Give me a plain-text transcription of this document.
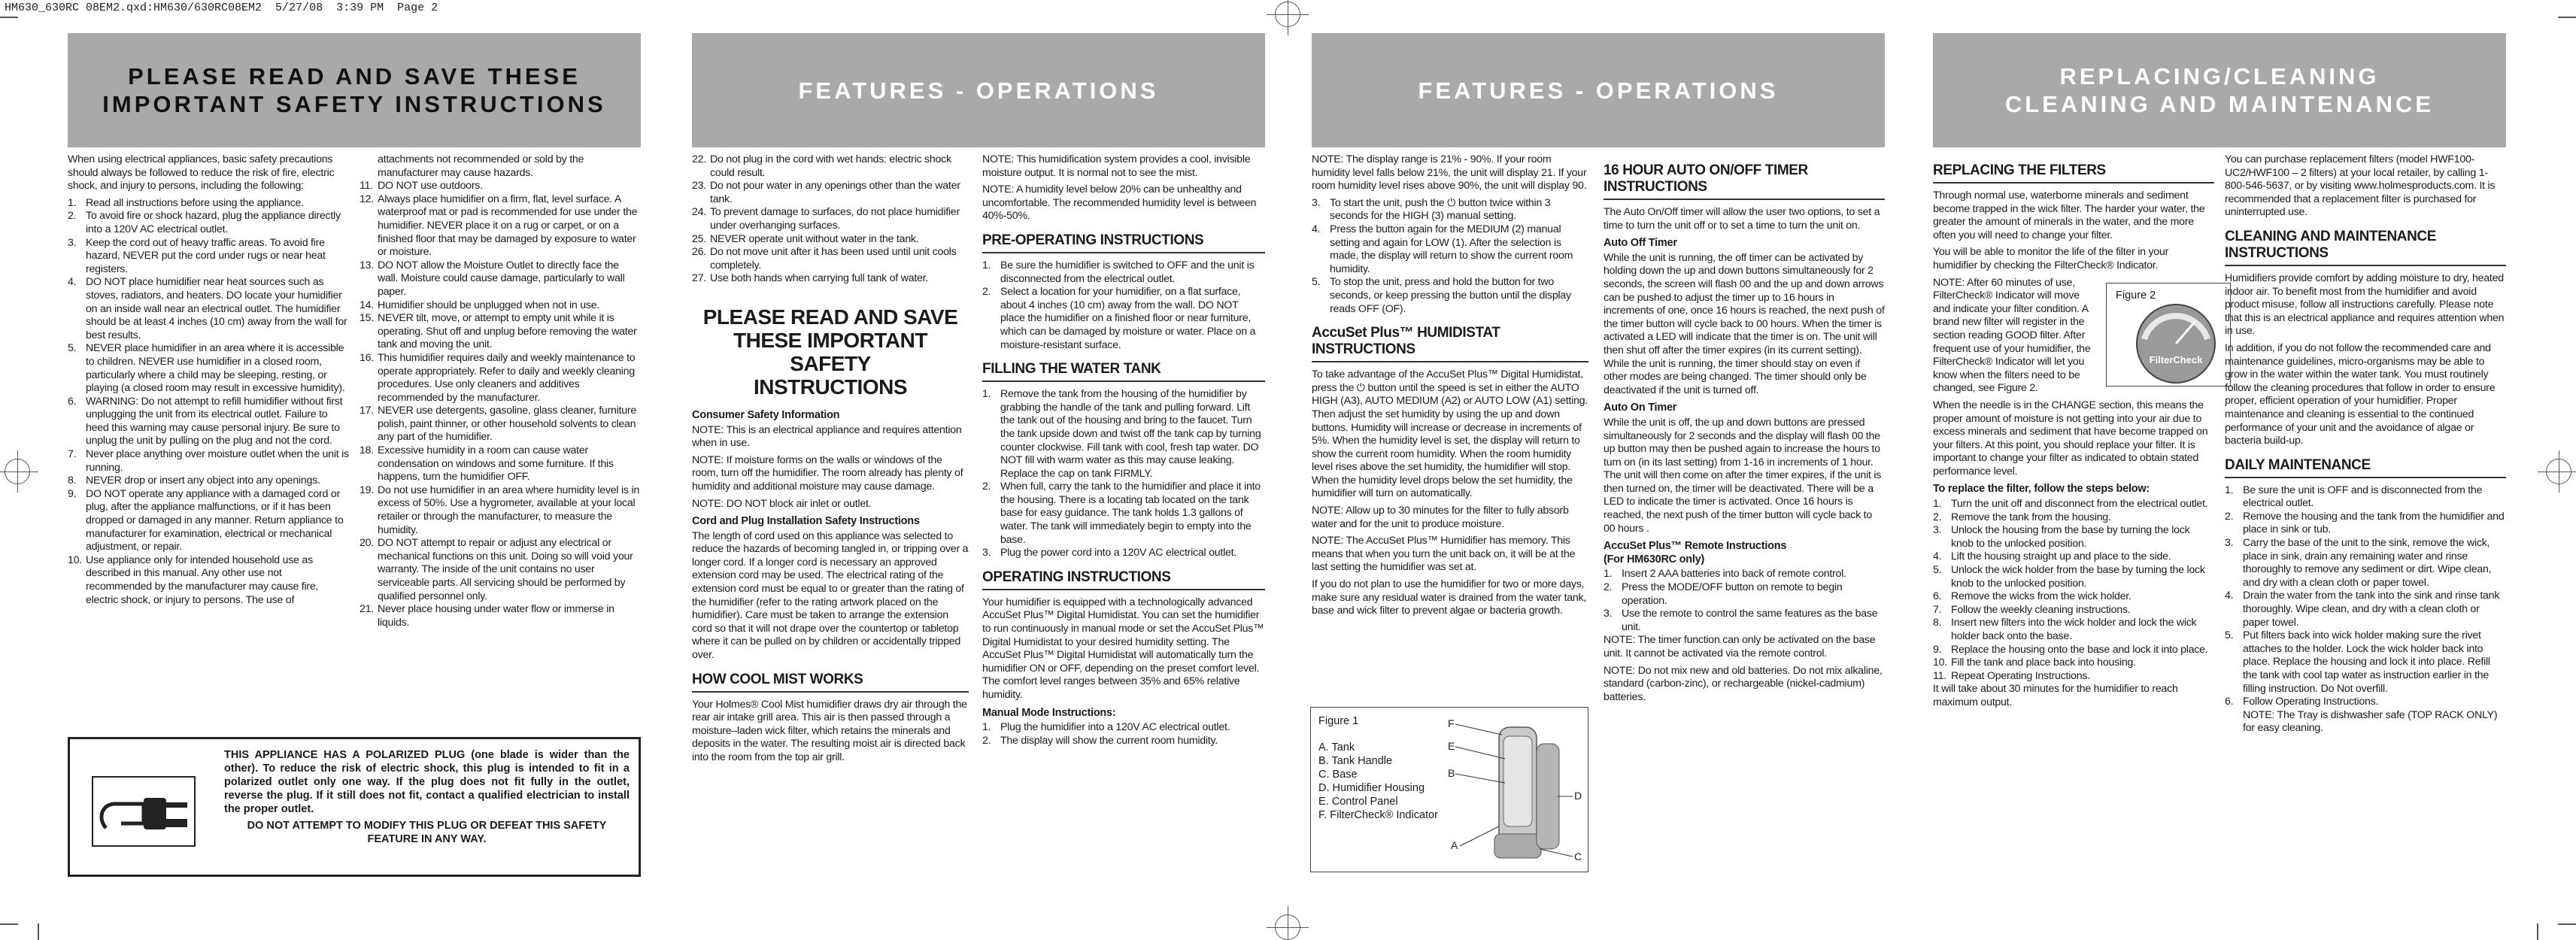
HM630_630RC 08EM2.qxd:HM630/630RC08EM2  5/27/08  3:39 PM  Page 2
PLEASE READ AND SAVE THESE
IMPORTANT SAFETY INSTRUCTIONS
FEATURES - OPERATIONS	FEATURES - OPERATIONS
REPLACING/CLEANING
CLEANING AND MAINTENANCE

When using electrical appliances, basic safety precautions should always be followed to reduce the risk of fire, electric shock, and injury to persons, including the following:

1. Read all instructions before using the appliance.
2. To avoid fire or shock hazard, plug the appliance directly into a 120V AC electrical outlet.
3. Keep the cord out of heavy traffic areas. To avoid fire hazard, NEVER put the cord under rugs or near heat registers.
4. DO NOT place humidifier near heat sources such as stoves, radiators, and heaters. DO locate your humidifier on an inside wall near an electrical outlet. The humidifier should be at least 4 inches (10 cm) away from the wall for best results.
5. NEVER place humidifier in an area where it is accessible to children. NEVER use humidifier in a closed room, particularly where a child may be sleeping, resting, or playing (a closed room may result in excessive humidity).
6. WARNING: Do not attempt to refill humidifier without first unplugging the unit from its electrical outlet. Failure to heed this warning may cause personal injury. Be sure to unplug the unit by pulling on the plug and not the cord.
7. Never place anything over moisture outlet when the unit is running.
8. NEVER drop or insert any object into any openings.
9. DO NOT operate any appliance with a damaged cord or plug, after the appliance malfunctions, or if it has been dropped or damaged in any manner. Return appliance to manufacturer for examination, electrical or mechanical adjustment, or repair.
10. Use appliance only for intended household use as described in this manual. Any other use not recommended by the manufacturer may cause fire, electric shock, or injury to persons. The use of
attachments not recommended or sold by the manufacturer may cause hazards.
11. DO NOT use outdoors.
12. Always place humidifier on a firm, flat, level surface. A waterproof mat or pad is recommended for use under the humidifier. NEVER place it on a rug or carpet, or on a finished floor that may be damaged by exposure to water or moisture.
13. DO NOT allow the Moisture Outlet to directly face the wall. Moisture could cause damage, particularly to wall paper.
14. Humidifier should be unplugged when not in use.
15. NEVER tilt, move, or attempt to empty unit while it is operating. Shut off and unplug before removing the water tank and moving the unit.
16. This humidifier requires daily and weekly maintenance to operate appropriately. Refer to daily and weekly cleaning procedures. Use only cleaners and additives recommended by the manufacturer.
17. NEVER use detergents, gasoline, glass cleaner, furniture polish, paint thinner, or other household solvents to clean any part of the humidifier.
18. Excessive humidity in a room can cause water condensation on windows and some furniture. If this happens, turn the humidifier OFF.
19. Do not use humidifier in an area where humidity level is in excess of 50%. Use a hygrometer, available at your local retailer or through the manufacturer, to measure the humidity.
20. DO NOT attempt to repair or adjust any electrical or mechanical functions on this unit. Doing so will void your warranty. The inside of the unit contains no user serviceable parts. All servicing should be performed by qualified personnel only.
21. Never place housing under water flow or immerse in liquids.
THIS APPLIANCE HAS A POLARIZED PLUG (one blade is wider than the other). To reduce the risk of electric shock, this plug is intended to fit in a polarized outlet only one way. If the plug does not fit fully in the outlet, reverse the plug. If it still does not fit, contact a qualified electrician to install the proper outlet.
DO NOT ATTEMPT TO MODIFY THIS PLUG OR DEFEAT THIS SAFETY FEATURE IN ANY WAY.
22. Do not plug in the cord with wet hands: electric shock could result.
23. Do not pour water in any openings other than the water tank.
24. To prevent damage to surfaces, do not place humidifier under overhanging surfaces.
25. NEVER operate unit without water in the tank.
26. Do not move unit after it has been used until unit cools completely.
27. Use both hands when carrying full tank of water.
PLEASE READ AND SAVE
THESE IMPORTANT SAFETY
INSTRUCTIONS
Consumer Safety Information

NOTE: This is an electrical appliance and requires attention when in use.

NOTE: If moisture forms on the walls or windows of the room, turn off the humidifier. The room already has plenty of humidity and additional moisture may cause damage.

NOTE: DO NOT block air inlet or outlet.

Cord and Plug Installation Safety Instructions

The length of cord used on this appliance was selected to reduce the hazards of becoming tangled in, or tripping over a longer cord. If a longer cord is necessary an approved extension cord may be used. The electrical rating of the extension cord must be equal to or greater than the rating of the humidifier (refer to the rating artwork placed on the humidifier). Care must be taken to arrange the extension cord so that it will not drape over the countertop or tabletop where it can be pulled on by children or accidentally tripped over.

HOW COOL MIST WORKS

Your Holmes® Cool Mist humidifier draws dry air through the rear air intake grill area. This air is then passed through a moisture–laden wick filter, which retains the minerals and deposits in the water. The resulting moist air is directed back into the room from the top air grill.

NOTE: This humidification system provides a cool, invisible moisture output. It is normal not to see the mist.

NOTE: A humidity level below 20% can be unhealthy and uncomfortable. The recommended humidity level is between 40%-50%.

PRE-OPERATING INSTRUCTIONS
1. Be sure the humidifier is switched to OFF and the unit is disconnected from the electrical outlet.
2. Select a location for your humidifier, on a flat surface, about 4 inches (10 cm) away from the wall. DO NOT place the humidifier on a finished floor or near furniture, which can be damaged by moisture or water. Place on a moisture-resistant surface.
FILLING THE WATER TANK
1. Remove the tank from the housing of the humidifier by grabbing the handle of the tank and pulling forward. Lift the tank out of the housing and bring to the faucet. Turn the tank upside down and twist off the tank cap by turning counter clockwise. Fill tank with cool, fresh tap water. DO NOT fill with warm water as this may cause leaking. Replace the cap on tank FIRMLY.
2. When full, carry the tank to the humidifier and place it into the housing. There is a locating tab located on the tank base for easy guidance. The tank holds 1.3 gallons of water. The tank will immediately begin to empty into the base.
3. Plug the power cord into a 120V AC electrical outlet.
OPERATING INSTRUCTIONS

Your humidifier is equipped with a technologically advanced AccuSet Plus™ Digital Humidistat. You can set the humidifier to run continuously in manual mode or set the AccuSet Plus™ Digital Humidistat to your desired humidity setting. The AccuSet Plus™ Digital Humidistat will automatically turn the humidifier ON or OFF, depending on the preset comfort level. The comfort level ranges between 35% and 65% relative humidity.

Manual Mode Instructions:
1. Plug the humidifier into a 120V AC electrical outlet.
2. The display will show the current room humidity.

NOTE: The display range is 21% - 90%. If your room humidity level falls below 21%, the unit will display 21. If your room humidity level rises above 90%, the unit will display 90.

3. To start the unit, push the ⏻ button twice within 3 seconds for the HIGH (3) manual setting.
4. Press the button again for the MEDIUM (2) manual setting and again for LOW (1). After the selection is made, the display will return to show the current room humidity.
5. To stop the unit, press and hold the button for two seconds, or keep pressing the button until the display reads OFF (OF).
AccuSet Plus™ HUMIDISTAT INSTRUCTIONS

To take advantage of the AccuSet Plus™ Digital Humidistat, press the ⏻ button until the speed is set in either the AUTO HIGH (A3), AUTO MEDIUM (A2) or AUTO LOW (A1) setting. Then adjust the set humidity by using the up and down buttons. Humidity will increase or decrease in increments of 5%. When the humidity level is set, the display will return to show the current room humidity. When the room humidity level rises above the set humidity, the humidifier will stop. When the humidity level drops below the set humidity, the humidifier will turn on automatically.

NOTE: Allow up to 30 minutes for the filter to fully absorb water and for the unit to produce moisture.

NOTE: The AccuSet Plus™ Humidifier has memory. This means that when you turn the unit back on, it will be at the last setting the humidifier was set at.

If you do not plan to use the humidifier for two or more days, make sure any residual water is drained from the water tank, base and wick filter to prevent algae or bacteria growth.

Figure 1
A. Tank
B. Tank Handle
C. Base
D. Humidifier Housing
E. Control Panel
F. FilterCheck® Indicator
F
E
B
D
A
C
16 HOUR AUTO ON/OFF TIMER INSTRUCTIONS

The Auto On/Off timer will allow the user two options, to set a time to turn the unit off or to set a time to turn the unit on.

Auto Off Timer

While the unit is running, the off timer can be activated by holding down the up and down buttons simultaneously for 2 seconds, the screen will flash 00 and the up and down arrows can be pushed to adjust the timer up to 16 hours in increments of one, once 16 hours is reached, the next push of the timer button will cycle back to 00 hours. When the timer is activated a LED will indicate that the timer is on. The unit will then shut off after the timer expires (in its current setting). While the unit is running, the timer should stay on even if other modes are being changed. The timer should only be deactivated if the unit is turned off.

Auto On Timer

While the unit is off, the up and down buttons are pressed simultaneously for 2 seconds and the display will flash 00 the up button may then be pushed again to increase the hours to turn on (in its last setting) from 1-16 in increments of 1 hour. The unit will then come on after the timer expires, if the unit is then turned on, the timer will be deactivated. There will be a LED to indicate the timer is activated. Once 16 hours is reached, the next push of the timer button will cycle back to 00 hours .

AccuSet Plus™ Remote Instructions
(For HM630RC only)
1. Insert 2 AAA batteries into back of remote control.
2. Press the MODE/OFF button on remote to begin operation.
3. Use the remote to control the same features as the base unit.

NOTE: The timer function can only be activated on the base unit. It cannot be activated via the remote control.

NOTE: Do not mix new and old batteries. Do not mix alkaline, standard (carbon-zinc), or rechargeable (nickel-cadmium) batteries.

REPLACING THE FILTERS

Through normal use, waterborne minerals and sediment become trapped in the wick filter. The harder your water, the greater the amount of minerals in the water, and the more often you will need to change your filter.

You will be able to monitor the life of the filter in your humidifier by checking the FilterCheck® Indicator.

NOTE: After 60 minutes of use, FilterCheck® Indicator will move and indicate your filter condition. A brand new filter will register in the section reading GOOD filter. After frequent use of your humidifier, the FilterCheck® Indicator will let you know when the filters need to be changed, see Figure 2.

When the needle is in the CHANGE section, this means the proper amount of moisture is not getting into your air due to excess minerals and sediment that have become trapped on your filters. At this point, you should replace your filter. It is important to change your filter as indicated to obtain stated performance level.

To replace the filter, follow the steps below:
1. Turn the unit off and disconnect from the electrical outlet.
2. Remove the tank from the housing.
3. Unlock the housing from the base by turning the lock knob to the unlocked position.
4. Lift the housing straight up and place to the side.
5. Unlock the wick holder from the base by turning the lock knob to the unlocked position.
6. Remove the wicks from the wick holder.
7. Follow the weekly cleaning instructions.
8. Insert new filters into the wick holder and lock the wick holder back onto the base.
9. Replace the housing onto the base and lock it into place.
10. Fill the tank and place back into housing.
11. Repeat Operating Instructions.

It will take about 30 minutes for the humidifier to reach maximum output.

Figure 2
FilterCheck

You can purchase replacement filters (model HWF100-UC2/HWF100 – 2 filters) at your local retailer, by calling 1-800-546-5637, or by visiting www.holmesproducts.com. It is recommended that a replacement filter is purchased for uninterrupted use.

CLEANING AND MAINTENANCE INSTRUCTIONS

Humidifiers provide comfort by adding moisture to dry, heated indoor air. To benefit most from the humidifier and avoid product misuse, follow all instructions carefully. Please note that this is an electrical appliance and requires attention when in use.

In addition, if you do not follow the recommended care and maintenance guidelines, micro-organisms may be able to grow in the water within the water tank. You must routinely follow the cleaning procedures that follow in order to ensure proper, efficient operation of your humidifier. Proper maintenance and cleaning is essential to the continued performance of your unit and the avoidance of algae or bacteria build-up.

DAILY MAINTENANCE
1. Be sure the unit is OFF and is disconnected from the electrical outlet.
2. Remove the housing and the tank from the humidifier and place in sink or tub.
3. Carry the base of the unit to the sink, remove the wick, place in sink, drain any remaining water and rinse thoroughly to remove any sediment or dirt. Wipe clean, and dry with a clean cloth or paper towel.
4. Drain the water from the tank into the sink and rinse tank thoroughly. Wipe clean, and dry with a clean cloth or paper towel.
5. Put filters back into wick holder making sure the rivet attaches to the holder. Lock the wick holder back into place. Replace the housing and lock it into place. Refill the tank with cool tap water as instruction earlier in the filling instruction. Do Not overfill.
6. Follow Operating Instructions.

NOTE: The Tray is dishwasher safe (TOP RACK ONLY) for easy cleaning.
